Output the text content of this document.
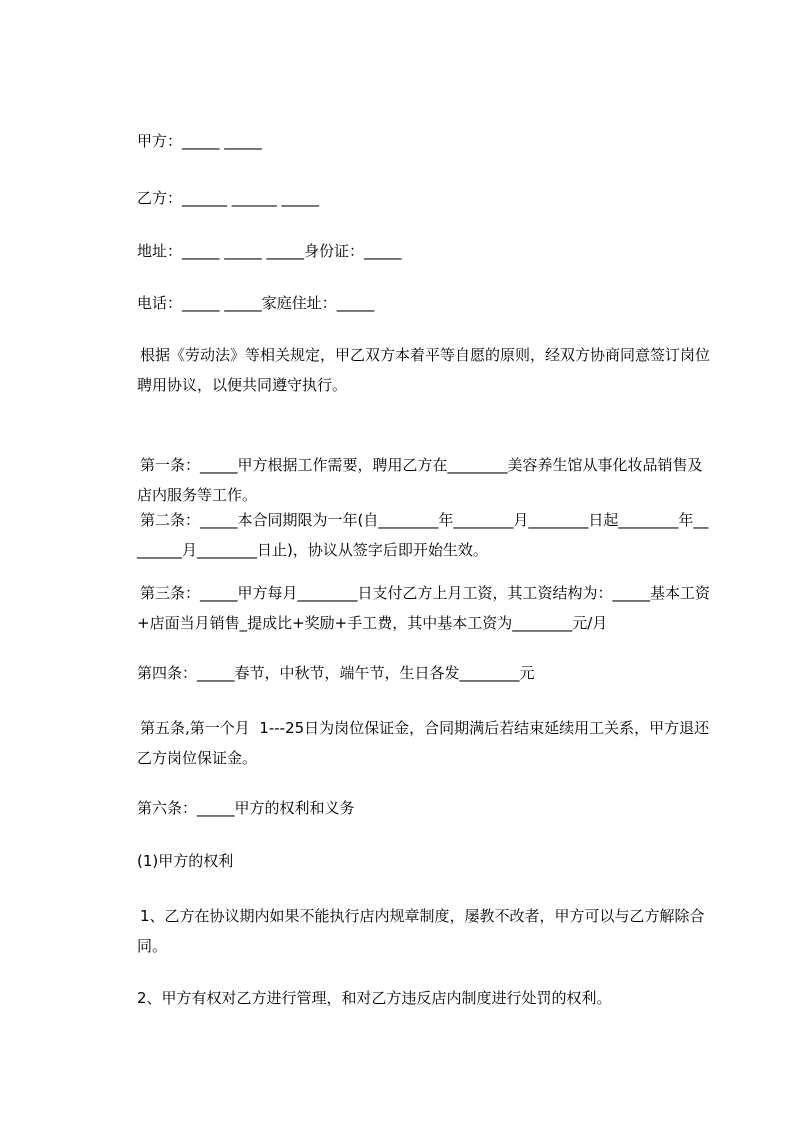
甲方：_____ _____

乙方：______ ______ _____

地址：_____ _____ _____身份证：_____

电话：_____ _____家庭住址：_____

根据《劳动法》等相关规定，甲乙双方本着平等自愿的原则，经双方协商同意签订岗位聘用协议，以便共同遵守执行。

第一条：_____甲方根据工作需要，聘用乙方在________美容养生馆从事化妆品销售及店内服务等工作。

第二条：_____本合同期限为一年(自________年________月________日起________年________月________日止)，协议从签字后即开始生效。

第三条：_____甲方每月________日支付乙方上月工资，其工资结构为：_____基本工资+店面当月销售_提成比+奖励+手工费，其中基本工资为________元/月

第四条：_____春节，中秋节，端午节，生日各发________元

第五条,第一个月  1---25日为岗位保证金，合同期满后若结束延续用工关系，甲方退还乙方岗位保证金。

第六条：_____甲方的权利和义务

(1)甲方的权利

1、乙方在协议期内如果不能执行店内规章制度，屡教不改者，甲方可以与乙方解除合同。

2、甲方有权对乙方进行管理，和对乙方违反店内制度进行处罚的权利。
